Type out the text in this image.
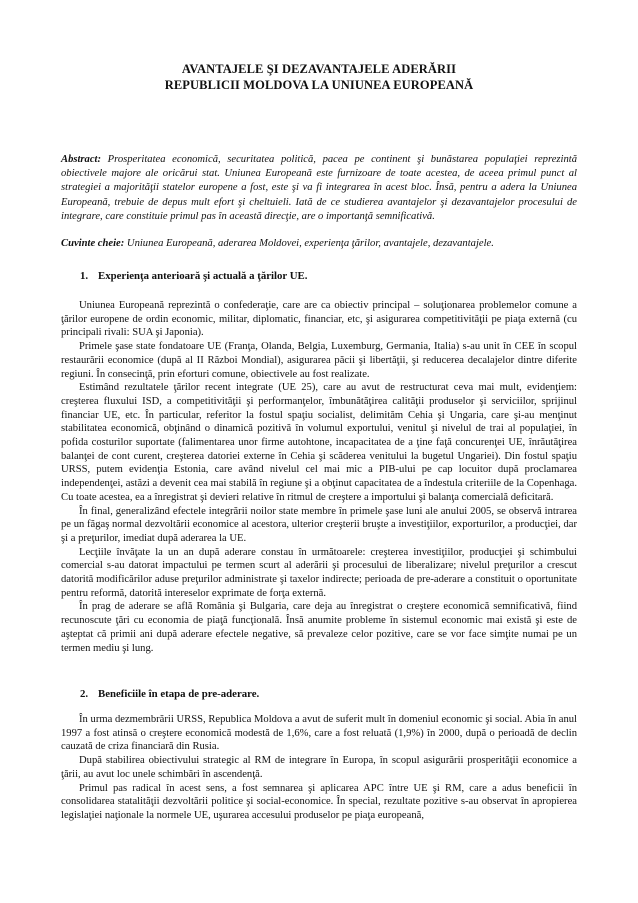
AVANTAJELE ŞI DEZAVANTAJELE ADERĂRII
REPUBLICII MOLDOVA LA UNIUNEA EUROPEANĂ
Abstract: Prosperitatea economică, securitatea politică, pacea pe continent şi bunăstarea populaţiei reprezintă obiectivele majore ale oricărui stat. Uniunea Europeană este furnizoare de toate acestea, de aceea primul punct al strategiei a majorităţii statelor europene a fost, este şi va fi integrarea în acest bloc. Însă, pentru a adera la Uniunea Europeană, trebuie de depus mult efort şi cheltuieli. Iată de ce studierea avantajelor şi dezavantajelor procesului de integrare, care constituie primul pas în această direcţie, are o importanţă semnificativă.
Cuvinte cheie: Uniunea Europeană, aderarea Moldovei, experienţa ţărilor, avantajele, dezavantajele.
1. Experienţa anterioară şi actuală a ţărilor UE.

Uniunea Europeană reprezintă o confederaţie, care are ca obiectiv principal – soluţionarea problemelor comune a ţărilor europene de ordin economic, militar, diplomatic, financiar, etc, şi asigurarea competitivităţii pe piaţa externă (cu principali rivali: SUA şi Japonia).

Primele şase state fondatoare UE (Franţa, Olanda, Belgia, Luxemburg, Germania, Italia) s-au unit în CEE în scopul restaurării economice (după al II Război Mondial), asigurarea păcii şi libertăţii, şi reducerea decalajelor dintre diferite regiuni. În consecinţă, prin eforturi comune, obiectivele au fost realizate.

Estimând rezultatele ţărilor recent integrate (UE 25), care au avut de restructurat ceva mai mult, evidenţiem: creşterea fluxului ISD, a competitivităţii şi performanţelor, îmbunătăţirea calităţii produselor şi serviciilor, sprijinul financiar UE, etc. În particular, referitor la fostul spaţiu socialist, delimităm Cehia şi Ungaria, care şi-au menţinut stabilitatea economică, obţinând o dinamică pozitivă în volumul exportului, venitul şi nivelul de trai al populaţiei, în pofida costurilor suportate (falimentarea unor firme autohtone, incapacitatea de a ţine faţă concurenţei UE, înrăutăţirea balanţei de cont curent, creşterea datoriei externe în Cehia şi scăderea venitului la bugetul Ungariei). Din fostul spaţiu URSS, putem evidenţia Estonia, care având nivelul cel mai mic a PIB-ului pe cap locuitor după proclamarea independenţei, astăzi a devenit cea mai stabilă în regiune şi a obţinut capacitatea de a îndestula criteriile de la Copenhaga. Cu toate acestea, ea a înregistrat şi devieri relative în ritmul de creştere a importului şi balanţa comercială deficitară.

În final, generalizând efectele integrării noilor state membre în primele şase luni ale anului 2005, se observă intrarea pe un făgaş normal dezvoltării economice al acestora, ulterior creşterii bruşte a investiţiilor, exporturilor, a producţiei, dar şi a preţurilor, imediat după aderarea la UE.

Lecţiile învăţate la un an după aderare constau în următoarele: creşterea investiţiilor, producţiei şi schimbului comercial s-au datorat impactului pe termen scurt al aderării şi procesului de liberalizare; nivelul preţurilor a crescut datorită modificărilor aduse preţurilor administrate şi taxelor indirecte; perioada de pre-aderare a constituit o oportunitate pentru reformă, datorită intereselor exprimate de forţa externă.

În prag de aderare se află România şi Bulgaria, care deja au înregistrat o creştere economică semnificativă, fiind recunoscute ţări cu economia de piaţă funcţională. Însă anumite probleme în sistemul economic mai există şi este de aşteptat că primii ani după aderare efectele negative, să prevaleze celor pozitive, care se vor face simţite numai pe un termen mediu şi lung.

2. Beneficiile în etapa de pre-aderare.

În urma dezmembrării URSS, Republica Moldova a avut de suferit mult în domeniul economic şi social. Abia în anul 1997 a fost atinsă o creştere economică modestă de 1,6%, care a fost reluată (1,9%) în 2000, după o perioadă de declin cauzată de criza financiară din Rusia.

După stabilirea obiectivului strategic al RM de integrare în Europa, în scopul asigurării prosperităţii economice a ţării, au avut loc unele schimbări în ascendenţă.

Primul pas radical în acest sens, a fost semnarea şi aplicarea APC între UE şi RM, care a adus beneficii în consolidarea statalităţii dezvoltării politice şi social-economice. În special, rezultate pozitive s-au observat în apropierea legislaţiei naţionale la normele UE, uşurarea accesului produselor pe piaţa europeană,
